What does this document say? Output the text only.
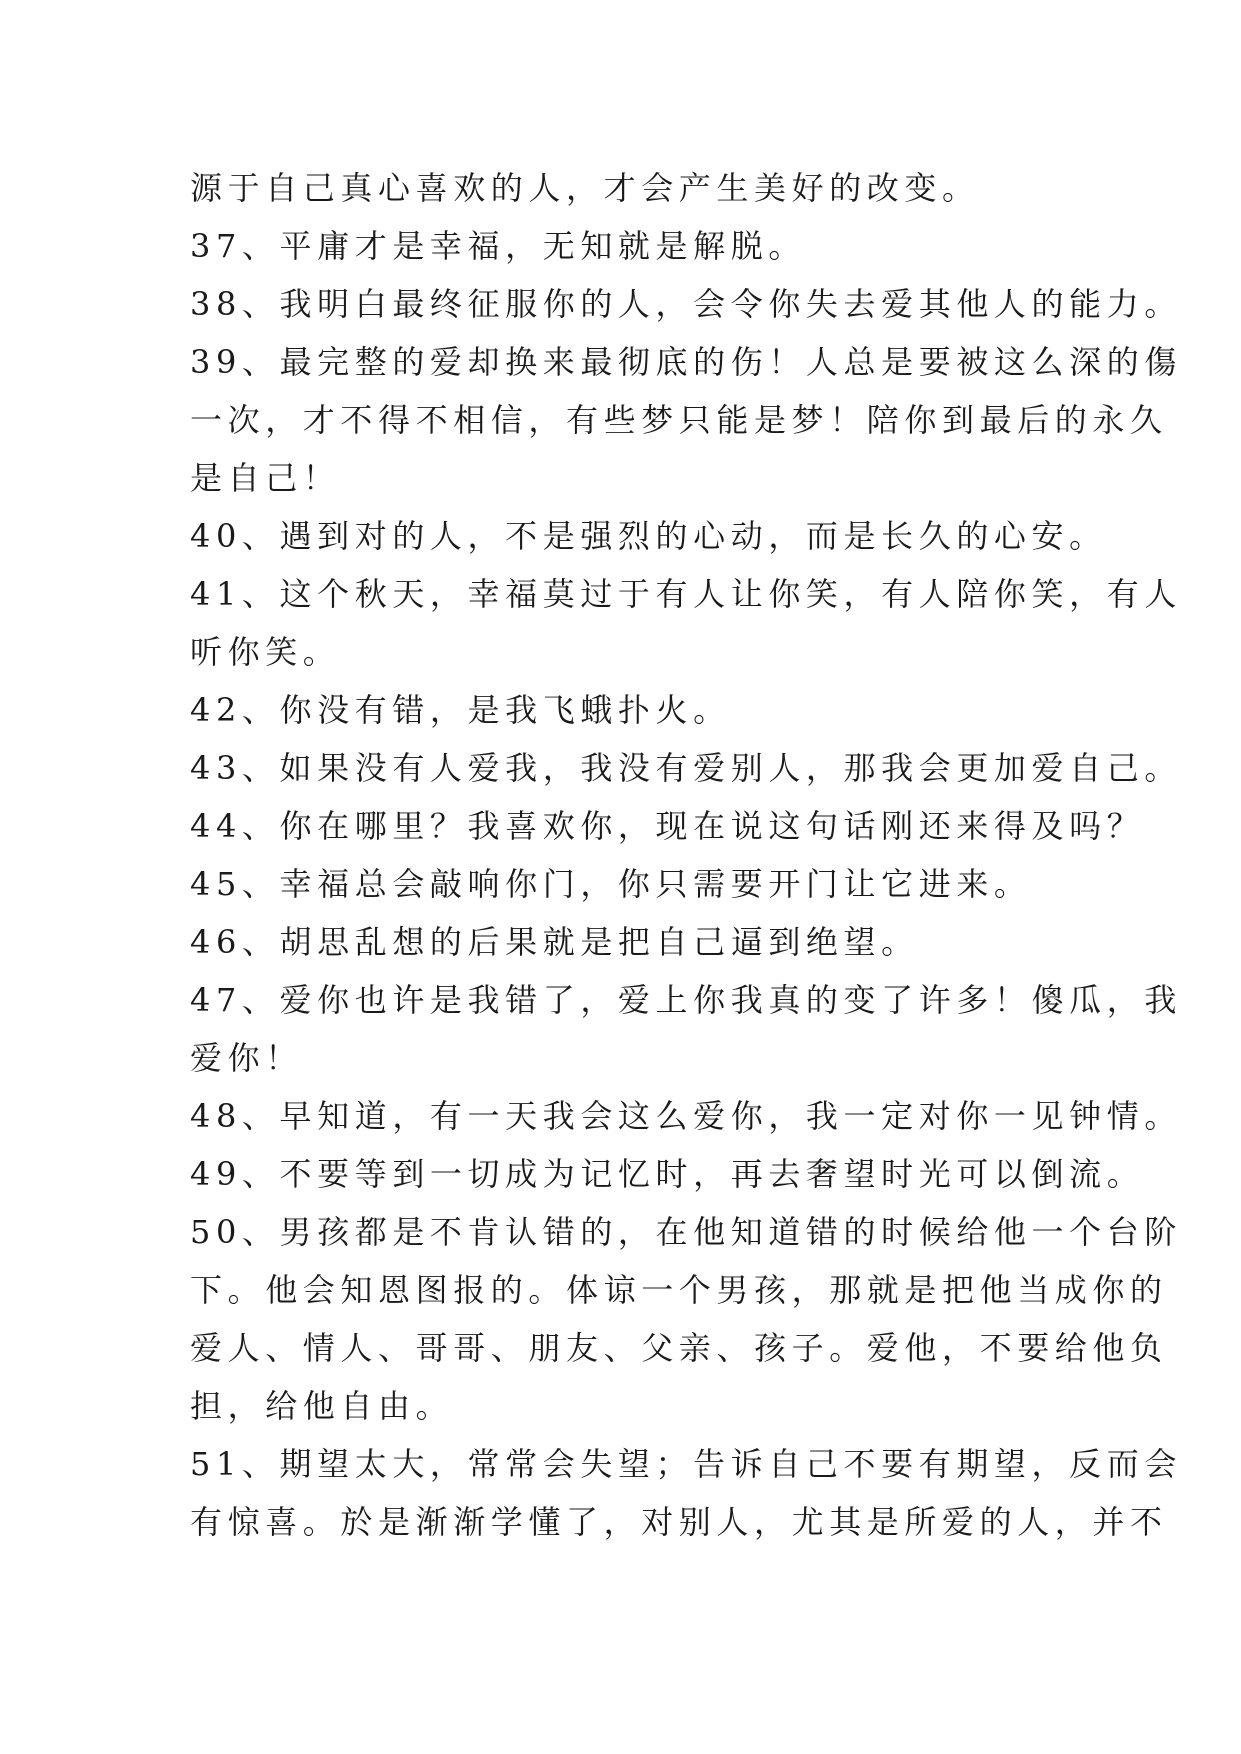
源于自己真心喜欢的人，才会产生美好的改变。
37、平庸才是幸福，无知就是解脱。
38、我明白最终征服你的人，会令你失去爱其他人的能力。
39、最完整的爱却换来最彻底的伤！人总是要被这么深的傷
一次，才不得不相信，有些梦只能是梦！陪你到最后的永久
是自己！
40、遇到对的人，不是强烈的心动，而是长久的心安。
41、这个秋天，幸福莫过于有人让你笑，有人陪你笑，有人
听你笑。
42、你没有错，是我飞蛾扑火。
43、如果没有人爱我，我没有爱别人，那我会更加爱自己。
44、你在哪里？我喜欢你，现在说这句话刚还来得及吗？
45、幸福总会敲响你门，你只需要开门让它进来。
46、胡思乱想的后果就是把自己逼到绝望。
47、爱你也许是我错了，爱上你我真的变了许多！傻瓜，我
爱你！
48、早知道，有一天我会这么爱你，我一定对你一见钟情。
49、不要等到一切成为记忆时，再去奢望时光可以倒流。
50、男孩都是不肯认错的，在他知道错的时候给他一个台阶
下。他会知恩图报的。体谅一个男孩，那就是把他当成你的
爱人、情人、哥哥、朋友、父亲、孩子。爱他，不要给他负
担，给他自由。
51、期望太大，常常会失望；告诉自己不要有期望，反而会
有惊喜。於是渐渐学懂了，对别人，尤其是所爱的人，并不
